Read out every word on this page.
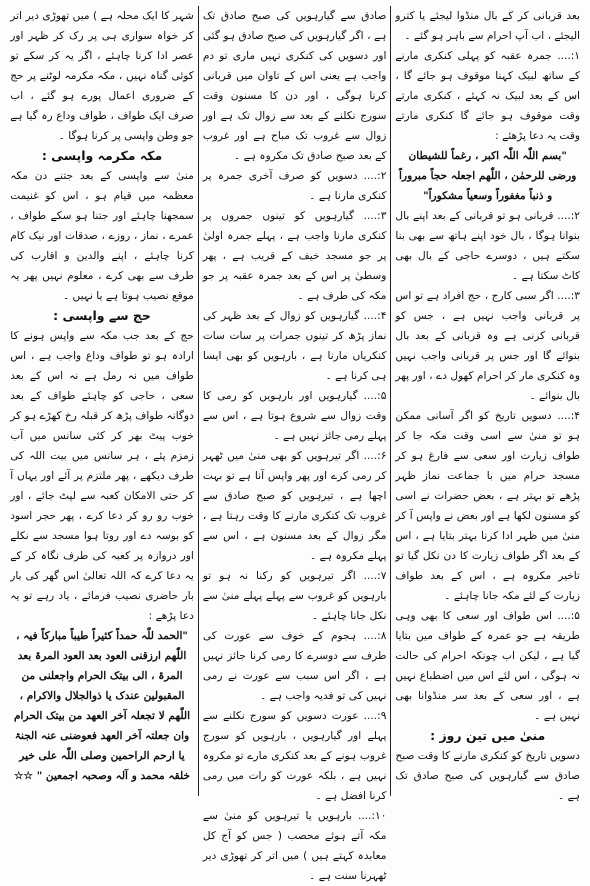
بعد قربانی کر کے بال منڈوا لیجئے یا کترو الیجئے ، اب آپ احرام سے باہر ہو گئے ۔

۱:.... جمرہ عقبہ کو پہلی کنکری مارنے کے ساتھ لبیک کہنا موقوف ہو جائے گا ، اس کے بعد لبیک نہ کہئے ، کنکری مارتے وقت موقوف ہو جائے گا کنکری مارتے وقت یہ دعا پڑھئے :

"بسم اللّٰہ اللّٰہ اکبر ، رغماً للشیطان ورضی للرحمٰن ، اللّٰھم اجعلہ حجاً مبروراً و ذنباً مغفوراً وسعیاً مشکوراً"

۲:.... قربانی ہو تو قربانی کے بعد اپنے بال بنوانا ہوگا ، بال خود اپنے ہاتھ سے بھی بنا سکتے ہیں ، دوسرے حاجی کے بال بھی کاٹ سکتا ہے ۔

۳:.... اگر سبی کارج ، حج افراد ہے تو اس پر قربانی واجب نہیں ہے ، جس کو قربانی کرنی ہے وہ قربانی کے بعد بال بنوائے گا اور جس پر قربانی واجب نہیں وہ کنکری مار کر احرام کھول دے ، اور پھر بال بنوائے ۔

۴:.... دسویں تاریخ کو اگر آسانی ممکن ہو تو منیٰ سے اسی وقت مکہ جا کر طواف زیارت اور سعی سے فارغ ہو کر مسجد حرام میں با جماعت نماز ظہر پڑھے تو بہتر ہے ، بعض حضرات نے اسی کو مسنون لکھا ہے اور بعض نے واپس آ کر منیٰ میں ظہر ادا کرنا بہتر بتایا ہے ، اس کے بعد اگر طواف زیارت کا دن نکل گیا تو تاخیر مکروہ ہے ، اس کے بعد طواف زیارت کے لئے مکہ جانا چاہئے ۔

۵:.... اس طواف اور سعی کا بھی وہی طریقہ ہے جو عمرہ کے طواف میں بتایا گیا ہے ، لیکن اب چونکہ احرام کی حالت نہ ہوگی ، اس لئے اس میں اضطباع نہیں ہے ، اور سعی کے بعد سر منڈوانا بھی نہیں ہے ۔

منیٰ میں تین روز :

دسویں تاریخ کو کنکری مارنے کا وقت صبح صادق سے گیارہویں کی صبح صادق تک ہے ۔

صادق سے گیارہویں کی صبح صادق تک ہے ، اگر گیارہویں کی صبح صادق ہو گئی اور دسویں کی کنکری نہیں ماری تو دم واجب ہے یعنی اس کے تاوان میں قربانی کرنا ہوگی ، اور دن کا مسنون وقت سورج نکلنے کے بعد سے زوال تک ہے اور زوال سے غروب تک مباح ہے اور غروب کے بعد صبح صادق تک مکروہ ہے ۔

۲:.... دسویں کو صرف آخری جمرہ پر کنکری مارنا ہے ۔

۳:.... گیارہویں کو تینوں جمروں پر کنکری مارنا واجب ہے ، پہلے جمرہ اولیٰ پر جو مسجد خیف کے قریب ہے ، پھر وسطیٰ پر اس کے بعد جمرہ عقبہ پر جو مکہ کی طرف ہے ۔

۴:.... گیارہویں کو زوال کے بعد ظہر کی نماز پڑھ کر تینوں جمرات پر سات سات کنکریاں مارنا ہے ، بارہویں کو بھی ایسا ہی کرنا ہے ۔

۵:.... گیارہویں اور بارہویں کو رمی کا وقت زوال سے شروع ہوتا ہے ، اس سے پہلے رمی جائز نہیں ہے ۔

۶:.... اگر تیرہویں کو بھی منیٰ میں ٹھہر کر رمی کرے اور پھر واپس آنا ہے تو بہت اچھا ہے ، تیرہویں کو صبح صادق سے غروب تک کنکری مارنے کا وقت رہتا ہے ، مگر زوال کے بعد مسنون ہے ، اس سے پہلے مکروہ ہے ۔

۷:.... اگر تیرہویں کو رکنا نہ ہو تو بارہویں کو غروب سے پہلے پہلے منیٰ سے نکل جانا چاہئے ۔

۸:.... ہجوم کے خوف سے عورت کی طرف سے دوسرے کا رمی کرنا جائز نہیں ہے ، اگر اس سبب سے عورت نے رمی نہیں کی تو فدیہ واجب ہے ۔

۹:.... عورت دسویں کو سورج نکلنے سے پہلے اور گیارہویں ، بارہویں کو سورج غروب ہونے کے بعد کنکری مارے تو مکروہ نہیں ہے ، بلکہ عورت کو رات میں رمی کرنا افضل ہے ۔

۱۰:.... بارہویں یا تیرہویں کو منیٰ سے مکہ آتے ہوئے محصب ( جس کو آج کل معابدہ کہتے ہیں ) میں اتر کر تھوڑی دیر ٹھہرنا سنت ہے ۔

شہر کا ایک محلہ ہے ) میں تھوڑی دیر اتر کر خواہ سواری ہی پر رک کر ظہر اور عصر ادا کرنا چاہئے ، اگر یہ کر سکے تو کوئی گناہ نہیں ، مکہ مکرمہ لوٹنے پر حج کے ضروری اعمال پورے ہو گئے ، اب صرف ایک طواف ، طواف وداع رہ گیا ہے جو وطن واپسی پر کرنا ہوگا ۔

مکہ مکرمہ واپسی :

منیٰ سے واپسی کے بعد جتنے دن مکہ معظمہ میں قیام ہو ، اس کو غنیمت سمجھنا چاہئے اور جتنا ہو سکے طواف ، عمرے ، نماز ، روزے ، صدقات اور نیک کام کرنا چاہئے ، اپنے والدین و اقارب کی طرف سے بھی کرے ، معلوم نہیں پھر یہ موقع نصیب ہوتا ہے یا نہیں ۔

حج سے واپسی :

حج کے بعد جب مکہ سے واپس ہونے کا ارادہ ہو تو طواف وداع واجب ہے ، اس طواف میں نہ رمل ہے نہ اس کے بعد سعی ، حاجی کو چاہئے طواف کے بعد دوگانہ طواف پڑھ کر قبلہ رخ کھڑے ہو کر خوب پیٹ بھر کر کئی سانس میں آب زمزم پئے ، ہر سانس میں بیت اللہ کی طرف دیکھے ، پھر ملتزم پر آئے اور یہاں آ کر حتی الامکان کعبہ سے لپٹ جائے ، اور خوب رو رو کر دعا کرے ، پھر حجر اسود کو بوسہ دے اور روتا ہوا مسجد سے نکلے اور دروازہ پر کعبہ کی طرف نگاہ کر کے یہ دعا کرے کہ اللہ تعالیٰ اس گھر کی بار بار حاضری نصیب فرمائے ، یاد رہے تو یہ دعا پڑھے :

"الحمد للّٰہ حمداً کثیراً طیباً مبارکاً فیہ ، اللّٰھم ارزقنی العود بعد العود المرۃ بعد المرۃ ، الی بیتک الحرام واجعلنی من المقبولین عندک یا ذوالجلال والاکرام ، اللّٰھم لا تجعلہ آخر العھد من بیتک الحرام وان جعلتہ آخر العھد فعوضنی عنہ الجنۃ یا ارحم الراحمین وصلی اللّٰہ علی خیر خلقہ محمد و آلہ وصحبہ اجمعین " ☆☆
